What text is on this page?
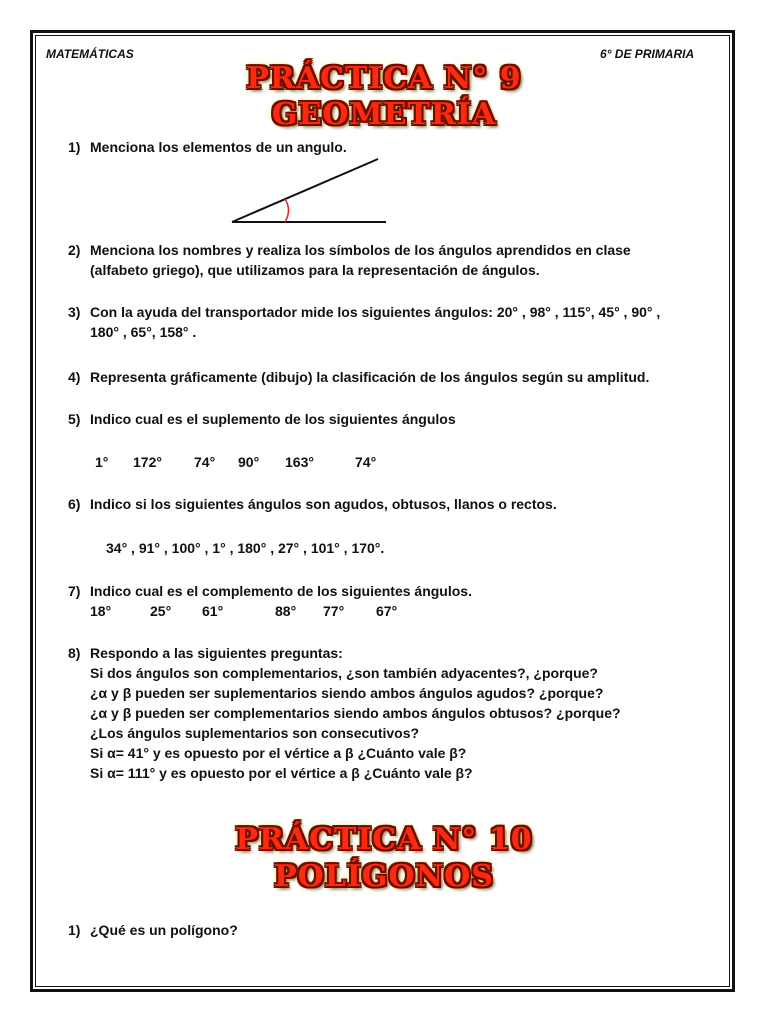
MATEMÁTICAS	6° DE PRIMARIA
PRÁCTICA N° 9
GEOMETRÍA
1) Menciona los elementos de un angulo.
2) Menciona los nombres y realiza los símbolos de los ángulos aprendidos en clase
(alfabeto griego), que utilizamos para la representación de ángulos.
3) Con la ayuda del transportador mide los siguientes ángulos: 20° , 98° , 115°, 45° , 90° ,
180° , 65°, 158° .
4) Representa gráficamente (dibujo) la clasificación de los ángulos según su amplitud.
5) Indico cual es el suplemento de los siguientes ángulos
1° 172° 74° 90° 163°	74°
6) Indico si los siguientes ángulos son agudos, obtusos, llanos o rectos.
34° , 91° , 100° , 1° , 180° , 27° , 101° , 170°.
7) Indico cual es el complemento de los siguientes ángulos.
18°	25° 61°	88° 77° 67°
8) Respondo a las siguientes preguntas:
Si dos ángulos son complementarios, ¿son también adyacentes?, ¿porque?
¿α y β pueden ser suplementarios siendo ambos ángulos agudos? ¿porque?
¿α y β pueden ser complementarios siendo ambos ángulos obtusos? ¿porque?
¿Los ángulos suplementarios son consecutivos?
Si α= 41° y es opuesto por el vértice a β ¿Cuánto vale β?
Si α= 111° y es opuesto por el vértice a β ¿Cuánto vale β?
PRÁCTICA N° 10
POLÍGONOS
1) ¿Qué es un polígono?
